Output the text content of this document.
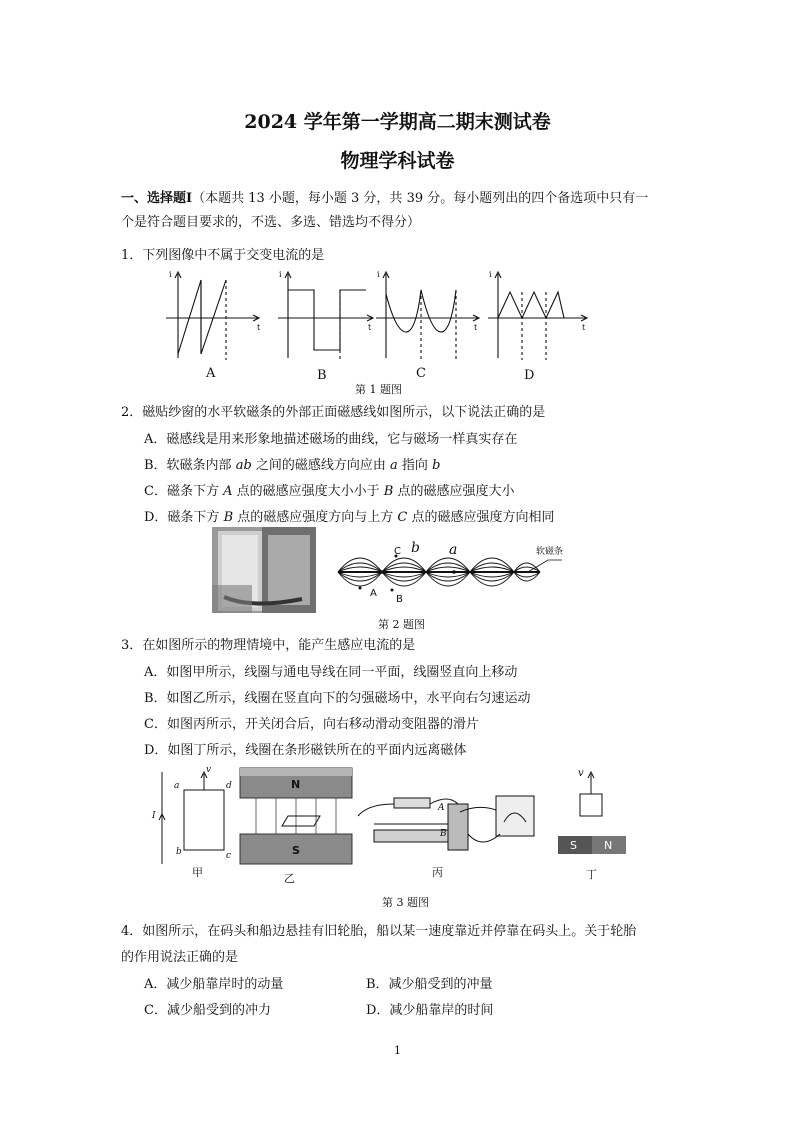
2024 学年第一学期高二期末测试卷
物理学科试卷
一、选择题Ⅰ（本题共 13 小题，每小题 3 分，共 39 分。每小题列出的四个备选项中只有一
个是符合题目要求的，不选、多选、错选均不得分）
1．下列图像中不属于交变电流的是
i
t
i
t
i
t
i
t
A	B	C	D
第 1 题图
2．磁贴纱窗的水平软磁条的外部正面磁感线如图所示，以下说法正确的是
A．磁感线是用来形象地描述磁场的曲线，它与磁场一样真实存在
B．软磁条内部 ab 之间的磁感线方向应由 a 指向 b
C．磁条下方 A 点的磁感应强度大小小于 B 点的磁感应强度大小
D．磁条下方 B 点的磁感应强度方向与上方 C 点的磁感应强度方向相同
C
A
B
软磁条
b a
第 2 题图
3．在如图所示的物理情境中，能产生感应电流的是
A．如图甲所示，线圈与通电导线在同一平面，线圈竖直向上移动
B．如图乙所示，线圈在竖直向下的匀强磁场中，水平向右匀速运动
C．如图丙所示，开关闭合后，向右移动滑动变阻器的滑片
D．如图丁所示，线圈在条形磁铁所在的平面内远离磁体
a	d
b	c
I
v
N
S
A
B
S N
v
甲	乙	丙	丁
第 3 题图
4．如图所示，在码头和船边悬挂有旧轮胎，船以某一速度靠近并停靠在码头上。关于轮胎
的作用说法正确的是
A．减少船靠岸时的动量	B．减少船受到的冲量
C．减少船受到的冲力	D．减少船靠岸的时间
1
